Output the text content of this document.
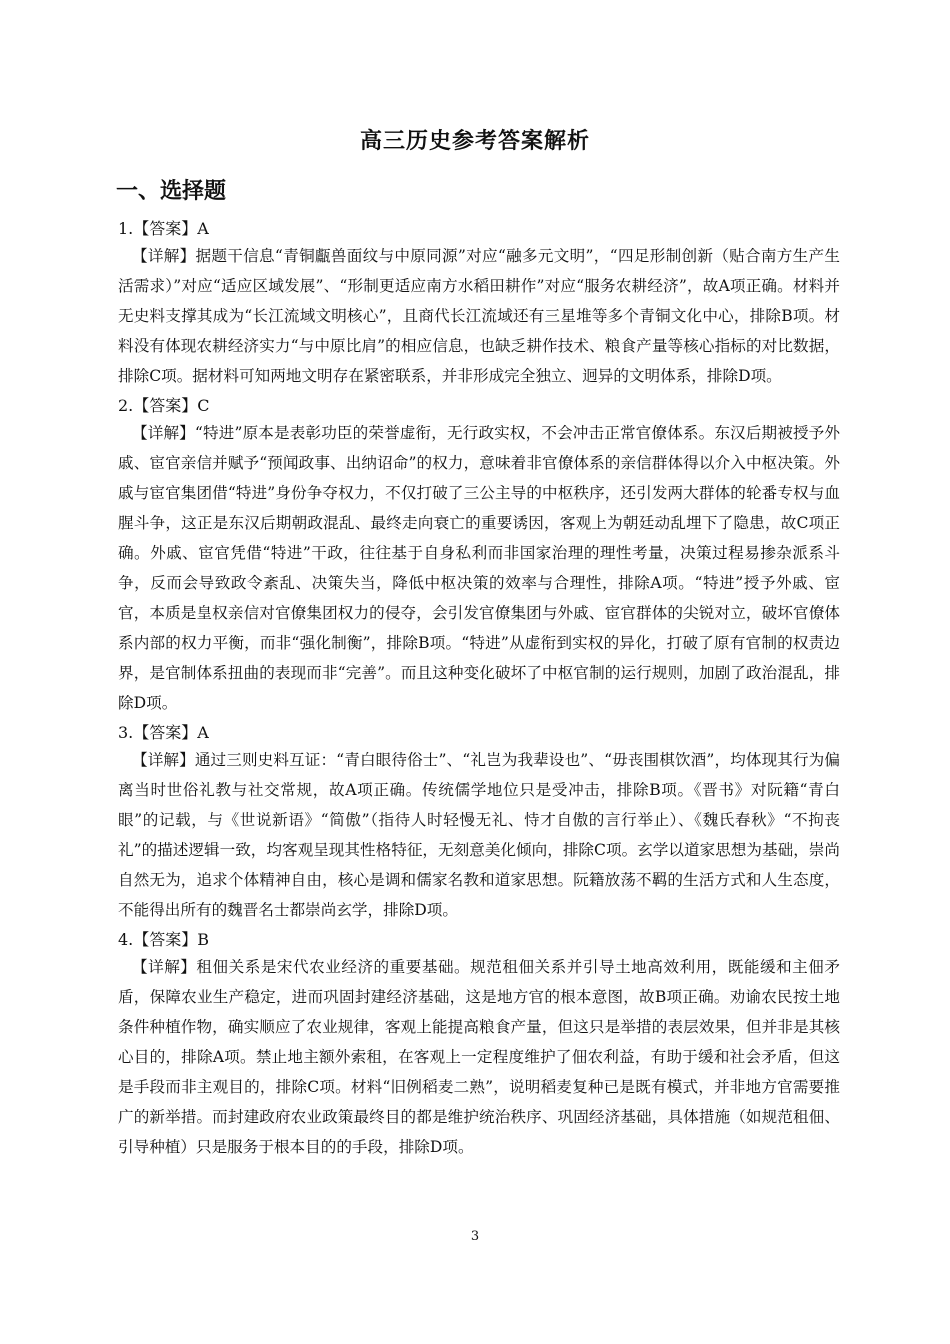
高三历史参考答案解析
一、选择题
1.【答案】A

【详解】据题干信息“青铜甗兽面纹与中原同源”对应“融多元文明”，“四足形制创新（贴合南方生产生活需求）”对应“适应区域发展”、“形制更适应南方水稻田耕作”对应“服务农耕经济”，故A项正确。材料并无史料支撑其成为“长江流域文明核心”，且商代长江流域还有三星堆等多个青铜文化中心，排除B项。材料没有体现农耕经济实力“与中原比肩”的相应信息，也缺乏耕作技术、粮食产量等核心指标的对比数据，排除C项。据材料可知两地文明存在紧密联系，并非形成完全独立、迥异的文明体系，排除D项。

2.【答案】C

【详解】“特进”原本是表彰功臣的荣誉虚衔，无行政实权，不会冲击正常官僚体系。东汉后期被授予外戚、宦官亲信并赋予“预闻政事、出纳诏命”的权力，意味着非官僚体系的亲信群体得以介入中枢决策。外戚与宦官集团借“特进”身份争夺权力，不仅打破了三公主导的中枢秩序，还引发两大群体的轮番专权与血腥斗争，这正是东汉后期朝政混乱、最终走向衰亡的重要诱因，客观上为朝廷动乱埋下了隐患，故C项正确。外戚、宦官凭借“特进”干政，往往基于自身私利而非国家治理的理性考量，决策过程易掺杂派系斗争，反而会导致政令紊乱、决策失当，降低中枢决策的效率与合理性，排除A项。“特进”授予外戚、宦官，本质是皇权亲信对官僚集团权力的侵夺，会引发官僚集团与外戚、宦官群体的尖锐对立，破坏官僚体系内部的权力平衡，而非“强化制衡”，排除B项。“特进”从虚衔到实权的异化，打破了原有官制的权责边界，是官制体系扭曲的表现而非“完善”。而且这种变化破坏了中枢官制的运行规则，加剧了政治混乱，排除D项。

3.【答案】A

【详解】通过三则史料互证：“青白眼待俗士”、“礼岂为我辈设也”、“毋丧围棋饮酒”，均体现其行为偏离当时世俗礼教与社交常规，故A项正确。传统儒学地位只是受冲击，排除B项。《晋书》对阮籍“青白眼”的记载，与《世说新语》“简傲”（指待人时轻慢无礼、恃才自傲的言行举止）、《魏氏春秋》“不拘丧礼”的描述逻辑一致，均客观呈现其性格特征，无刻意美化倾向，排除C项。玄学以道家思想为基础，崇尚自然无为，追求个体精神自由，核心是调和儒家名教和道家思想。阮籍放荡不羁的生活方式和人生态度，不能得出所有的魏晋名士都崇尚玄学，排除D项。

4.【答案】B

【详解】租佃关系是宋代农业经济的重要基础。规范租佃关系并引导土地高效利用，既能缓和主佃矛盾，保障农业生产稳定，进而巩固封建经济基础，这是地方官的根本意图，故B项正确。劝谕农民按土地条件种植作物，确实顺应了农业规律，客观上能提高粮食产量，但这只是举措的表层效果，但并非是其核心目的，排除A项。禁止地主额外索租，在客观上一定程度维护了佃农利益，有助于缓和社会矛盾，但这是手段而非主观目的，排除C项。材料“旧例稻麦二熟”，说明稻麦复种已是既有模式，并非地方官需要推广的新举措。而封建政府农业政策最终目的都是维护统治秩序、巩固经济基础，具体措施（如规范租佃、引导种植）只是服务于根本目的的手段，排除D项。

3
